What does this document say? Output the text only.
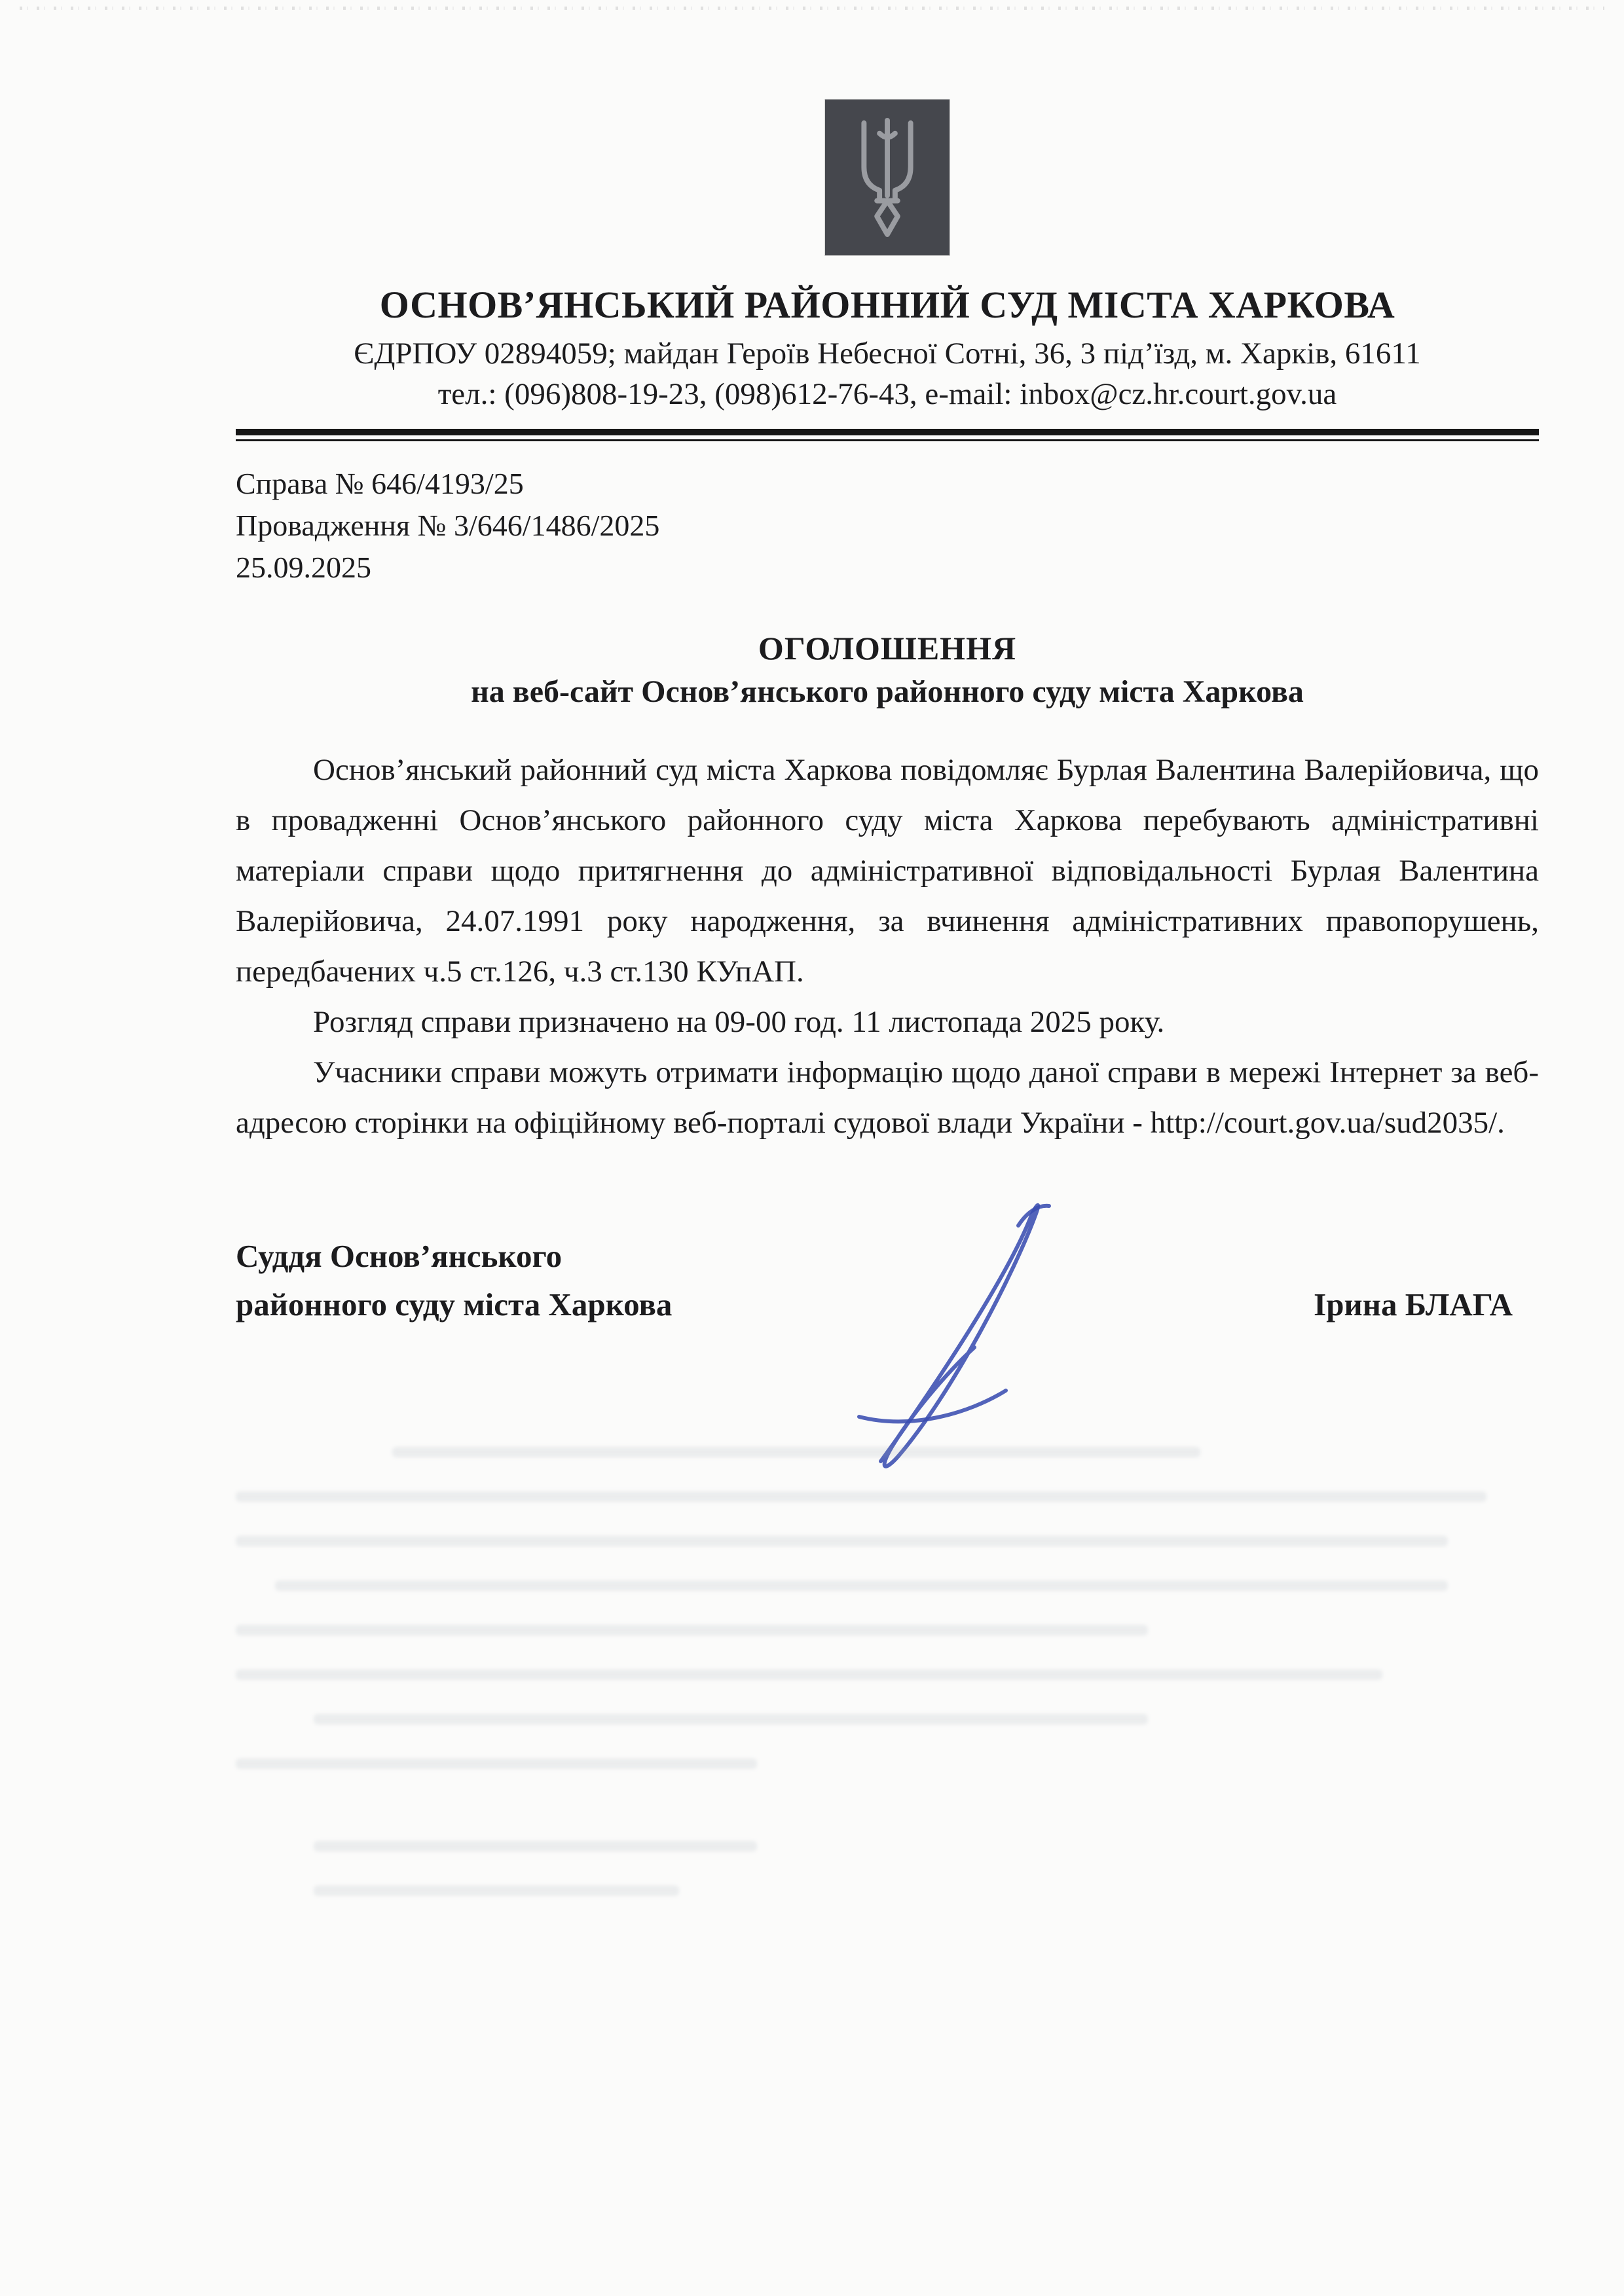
ОСНОВ’ЯНСЬКИЙ РАЙОННИЙ СУД МІСТА ХАРКОВА
ЄДРПОУ 02894059; майдан Героїв Небесної Сотні, 36, 3 під’їзд, м. Харків, 61611
тел.: (096)808-19-23, (098)612-76-43, e-mail: inbox@cz.hr.court.gov.ua
Справа № 646/4193/25
Провадження № 3/646/1486/2025
25.09.2025
ОГОЛОШЕННЯ
на веб-сайт Основ’янського районного суду міста Харкова

Основ’янський районний суд міста Харкова повідомляє Бурлая Валентина Валерійовича, що в провадженні Основ’янського районного суду міста Харкова перебувають адміністративні матеріали справи щодо притягнення до адміністративної відповідальності Бурлая Валентина Валерійовича, 24.07.1991 року народження, за вчинення адміністративних правопорушень, передбачених ч.5 ст.126, ч.3 ст.130 КУпАП.

Розгляд справи призначено на 09-00 год. 11 листопада 2025 року.

Учасники справи можуть отримати інформацію щодо даної справи в мережі Інтернет за веб-адресою сторінки на офіційному веб-порталі судової влади України - http://court.gov.ua/sud2035/.

Суддя Основ’янського
районного суду міста Харкова	Ірина БЛАГА
